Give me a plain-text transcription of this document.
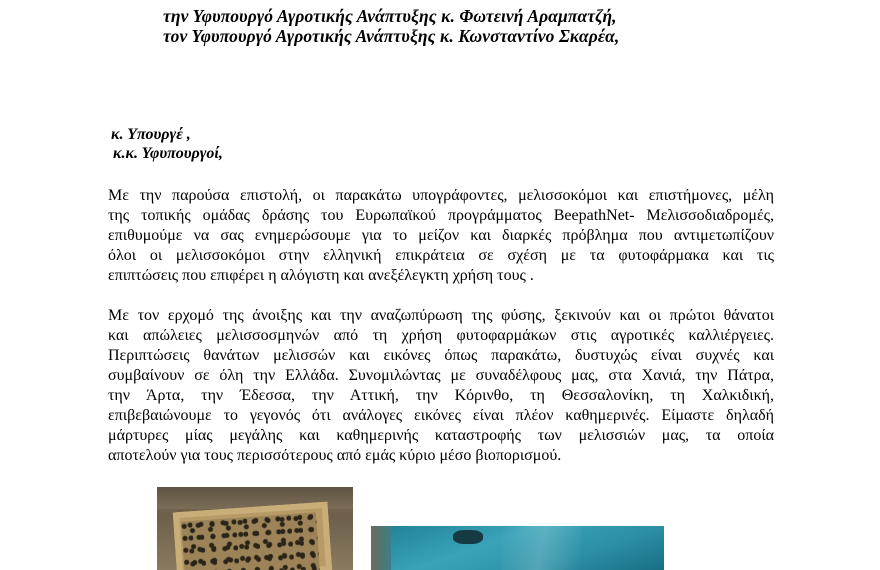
την Υφυπουργό Αγροτικής Ανάπτυξης κ. Φωτεινή Αραμπατζή,
τον Υφυπουργό Αγροτικής Ανάπτυξης κ. Κωνσταντίνο Σκαρέα,
κ. Υπουργέ ,
κ.κ. Υφυπουργοί,
Με την παρούσα επιστολή, οι παρακάτω υπογράφοντες, μελισσοκόμοι και επιστήμονες, μέλη
της τοπικής ομάδας δράσης του Ευρωπαϊκού προγράμματος BeepathNet- Μελισσοδιαδρομές,
επιθυμούμε να σας ενημερώσουμε για το μείζον και διαρκές πρόβλημα που αντιμετωπίζουν
όλοι οι μελισσοκόμοι στην ελληνική επικράτεια σε σχέση με τα φυτοφάρμακα και τις
επιπτώσεις που επιφέρει η αλόγιστη και ανεξέλεγκτη χρήση τους .
Με τον ερχομό της άνοιξης και την αναζωπύρωση της φύσης, ξεκινούν και οι πρώτοι θάνατοι
και απώλειες μελισσοσμηνών από τη χρήση φυτοφαρμάκων στις αγροτικές καλλιέργειες.
Περιπτώσεις θανάτων μελισσών και εικόνες όπως παρακάτω, δυστυχώς είναι συχνές και
συμβαίνουν σε όλη την Ελλάδα. Συνομιλώντας με συναδέλφους μας, στα Χανιά, την Πάτρα,
την Άρτα, την Έδεσσα, την Αττική, την Κόρινθο, τη Θεσσαλονίκη, τη Χαλκιδική,
επιβεβαιώνουμε το γεγονός ότι ανάλογες εικόνες είναι πλέον καθημερινές. Είμαστε δηλαδή
μάρτυρες μίας μεγάλης και καθημερινής καταστροφής των μελισσιών μας, τα οποία
αποτελούν για τους περισσότερους από εμάς κύριο μέσο βιοπορισμού.
